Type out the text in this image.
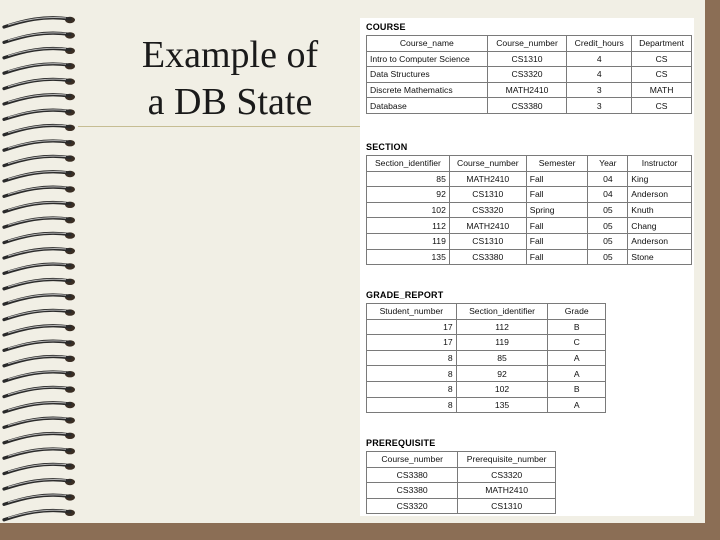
Example of
a DB State
COURSE
Course_name	Course_number	Credit_hours	Department
Intro to Computer Science	CS1310	4	CS
Data Structures	CS3320	4	CS
Discrete Mathematics	MATH2410	3	MATH
Database	CS3380	3	CS
SECTION
Section_identifier	Course_number	Semester	Year	Instructor
85	MATH2410	Fall	04	King
92	CS1310	Fall	04	Anderson
102	CS3320	Spring	05	Knuth
112	MATH2410	Fall	05	Chang
119	CS1310	Fall	05	Anderson
135	CS3380	Fall	05	Stone
GRADE_REPORT
Student_number	Section_identifier	Grade
17	112	B
17	119	C
8	85	A
8	92	A
8	102	B
8	135	A
PREREQUISITE
Course_number	Prerequisite_number
CS3380	CS3320
CS3380	MATH2410
CS3320	CS1310
